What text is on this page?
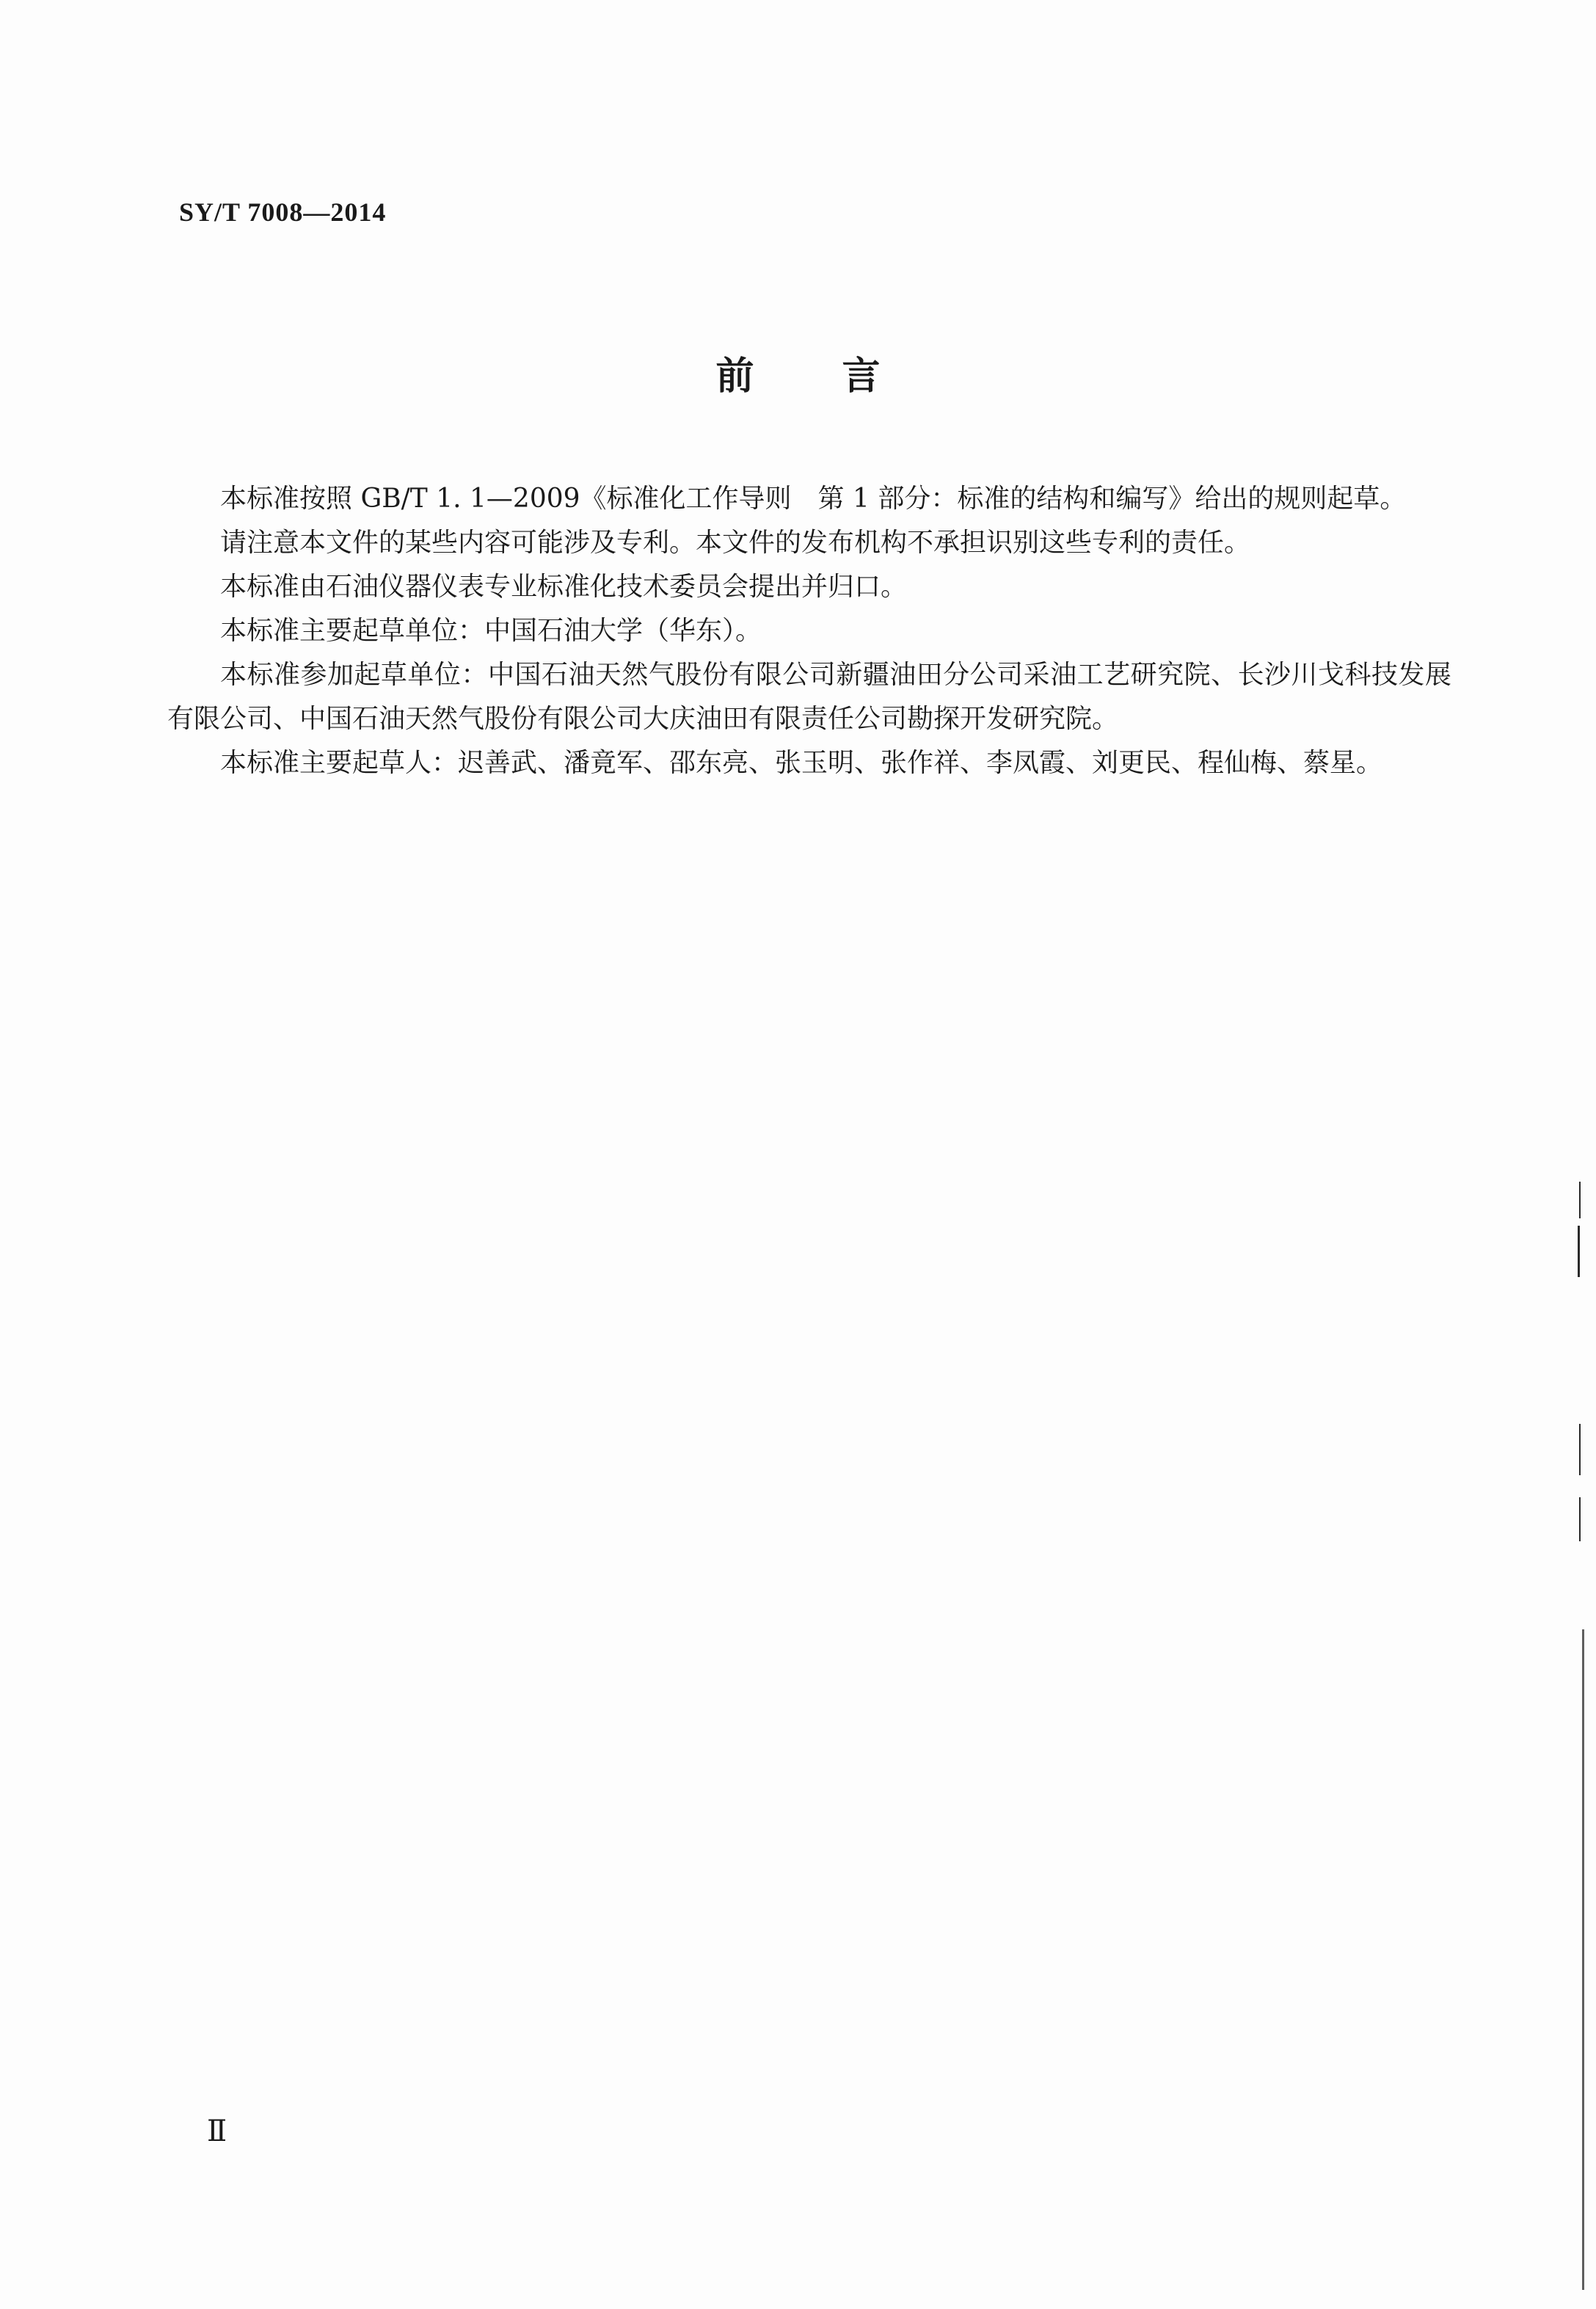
SY/T 7008—2014
前言

本标准按照 GB/T 1. 1—2009《标准化工作导则　第 1 部分：标准的结构和编写》给出的规则起草。

请注意本文件的某些内容可能涉及专利。本文件的发布机构不承担识别这些专利的责任。

本标准由石油仪器仪表专业标准化技术委员会提出并归口。

本标准主要起草单位：中国石油大学（华东）。

本标准参加起草单位：中国石油天然气股份有限公司新疆油田分公司采油工艺研究院、长沙川戈科技发展有限公司、中国石油天然气股份有限公司大庆油田有限责任公司勘探开发研究院。

本标准主要起草人：迟善武、潘竟军、邵东亮、张玉明、张作祥、李凤霞、刘更民、程仙梅、蔡星。

Ⅱ
